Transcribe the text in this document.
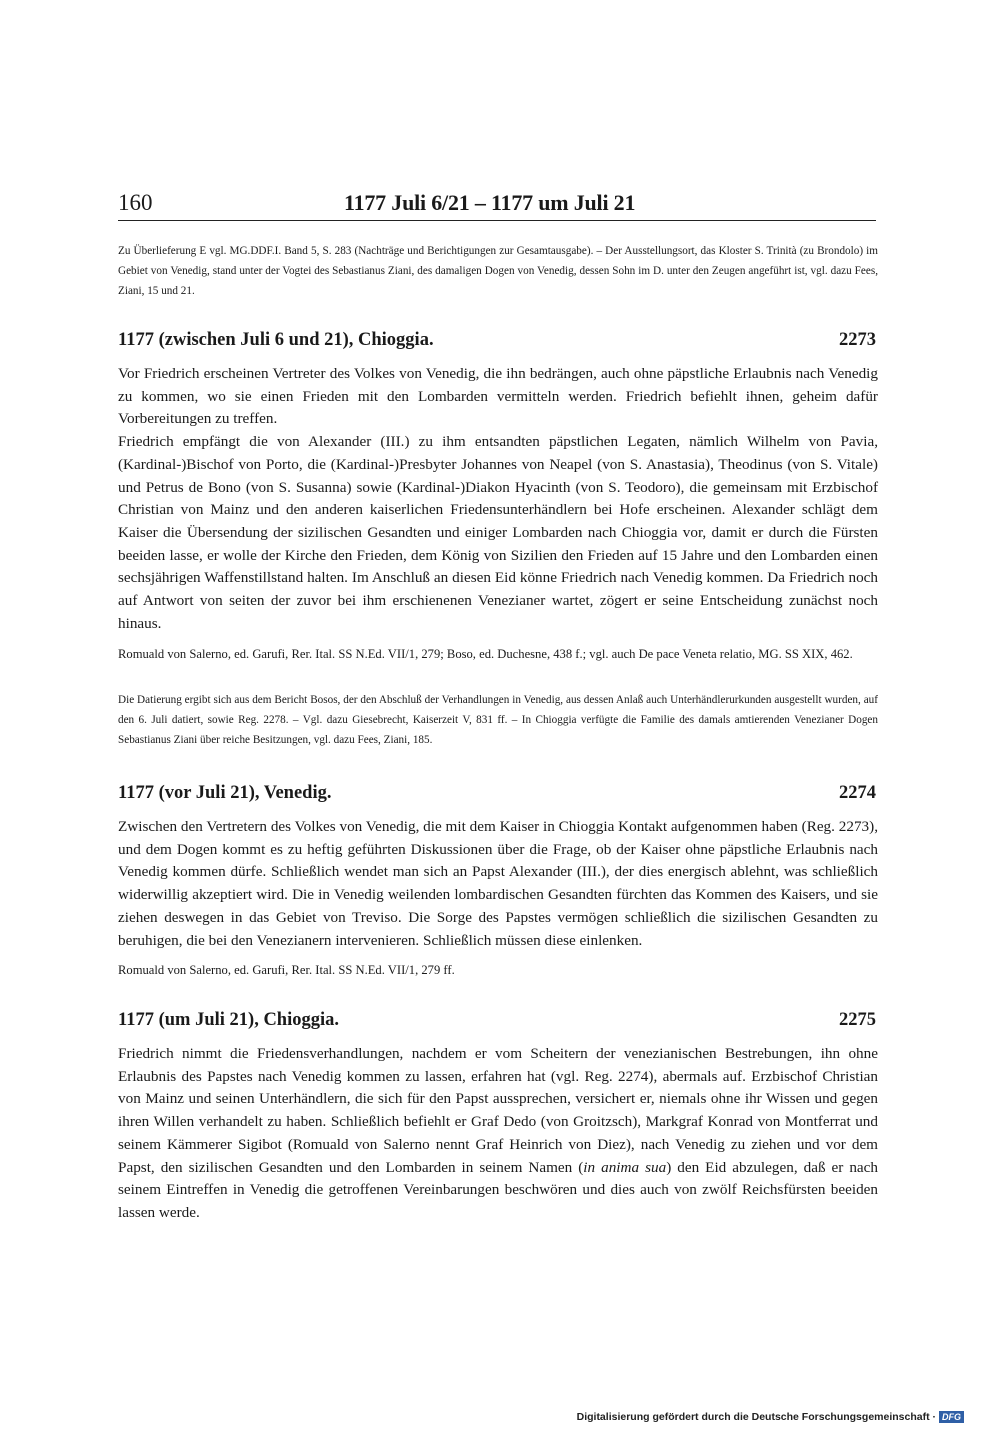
160	1177 Juli 6/21 – 1177 um Juli 21
Zu Überlieferung E vgl. MG.DDF.I. Band 5, S. 283 (Nachträge und Berichtigungen zur Gesamtausgabe). – Der Ausstellungsort, das Kloster S. Trinità (zu Brondolo) im Gebiet von Venedig, stand unter der Vogtei des Sebastianus Ziani, des damaligen Dogen von Venedig, dessen Sohn im D. unter den Zeugen angeführt ist, vgl. dazu Fees, Ziani, 15 und 21.
1177 (zwischen Juli 6 und 21), Chioggia.	2273

Vor Friedrich erscheinen Vertreter des Volkes von Venedig, die ihn bedrängen, auch ohne päpstliche Erlaubnis nach Venedig zu kommen, wo sie einen Frieden mit den Lombarden vermitteln werden. Friedrich befiehlt ihnen, geheim dafür Vorbereitungen zu treffen.

Friedrich empfängt die von Alexander (III.) zu ihm entsandten päpstlichen Legaten, nämlich Wilhelm von Pavia, (Kardinal-)Bischof von Porto, die (Kardinal-)Presbyter Johannes von Neapel (von S. Anastasia), Theodinus (von S. Vitale) und Petrus de Bono (von S. Susanna) sowie (Kardinal-)Diakon Hyacinth (von S. Teodoro), die gemeinsam mit Erzbischof Christian von Mainz und den anderen kaiserlichen Friedensunterhändlern bei Hofe erscheinen. Alexander schlägt dem Kaiser die Übersendung der sizilischen Gesandten und einiger Lombarden nach Chioggia vor, damit er durch die Fürsten beeiden lasse, er wolle der Kirche den Frieden, dem König von Sizilien den Frieden auf 15 Jahre und den Lombarden einen sechsjährigen Waffenstillstand halten. Im Anschluß an diesen Eid könne Friedrich nach Venedig kommen. Da Friedrich noch auf Antwort von seiten der zuvor bei ihm erschienenen Venezianer wartet, zögert er seine Entscheidung zunächst noch hinaus.

Romuald von Salerno, ed. Garufi, Rer. Ital. SS N.Ed. VII/1, 279; Boso, ed. Duchesne, 438 f.; vgl. auch De pace Veneta relatio, MG. SS XIX, 462.
Die Datierung ergibt sich aus dem Bericht Bosos, der den Abschluß der Verhandlungen in Venedig, aus dessen Anlaß auch Unterhändlerurkunden ausgestellt wurden, auf den 6. Juli datiert, sowie Reg. 2278. – Vgl. dazu Giesebrecht, Kaiserzeit V, 831 ff. – In Chioggia verfügte die Familie des damals amtierenden Venezianer Dogen Sebastianus Ziani über reiche Besitzungen, vgl. dazu Fees, Ziani, 185.
1177 (vor Juli 21), Venedig.	2274

Zwischen den Vertretern des Volkes von Venedig, die mit dem Kaiser in Chioggia Kontakt aufgenommen haben (Reg. 2273), und dem Dogen kommt es zu heftig geführten Diskussionen über die Frage, ob der Kaiser ohne päpstliche Erlaubnis nach Venedig kommen dürfe. Schließlich wendet man sich an Papst Alexander (III.), der dies energisch ablehnt, was schließlich widerwillig akzeptiert wird. Die in Venedig weilenden lombardischen Gesandten fürchten das Kommen des Kaisers, und sie ziehen deswegen in das Gebiet von Treviso. Die Sorge des Papstes vermögen schließlich die sizilischen Gesandten zu beruhigen, die bei den Venezianern intervenieren. Schließlich müssen diese einlenken.

Romuald von Salerno, ed. Garufi, Rer. Ital. SS N.Ed. VII/1, 279 ff.
1177 (um Juli 21), Chioggia.	2275

Friedrich nimmt die Friedensverhandlungen, nachdem er vom Scheitern der venezianischen Bestrebungen, ihn ohne Erlaubnis des Papstes nach Venedig kommen zu lassen, erfahren hat (vgl. Reg. 2274), abermals auf. Erzbischof Christian von Mainz und seinen Unterhändlern, die sich für den Papst aussprechen, versichert er, niemals ohne ihr Wissen und gegen ihren Willen verhandelt zu haben. Schließlich befiehlt er Graf Dedo (von Groitzsch), Markgraf Konrad von Montferrat und seinem Kämmerer Sigibot (Romuald von Salerno nennt Graf Heinrich von Diez), nach Venedig zu ziehen und vor dem Papst, den sizilischen Gesandten und den Lombarden in seinem Namen (in anima sua) den Eid abzulegen, daß er nach seinem Eintreffen in Venedig die getroffenen Vereinbarungen beschwören und dies auch von zwölf Reichsfürsten beeiden lassen werde.

Digitalisierung gefördert durch die Deutsche Forschungsgemeinschaft · DFG
